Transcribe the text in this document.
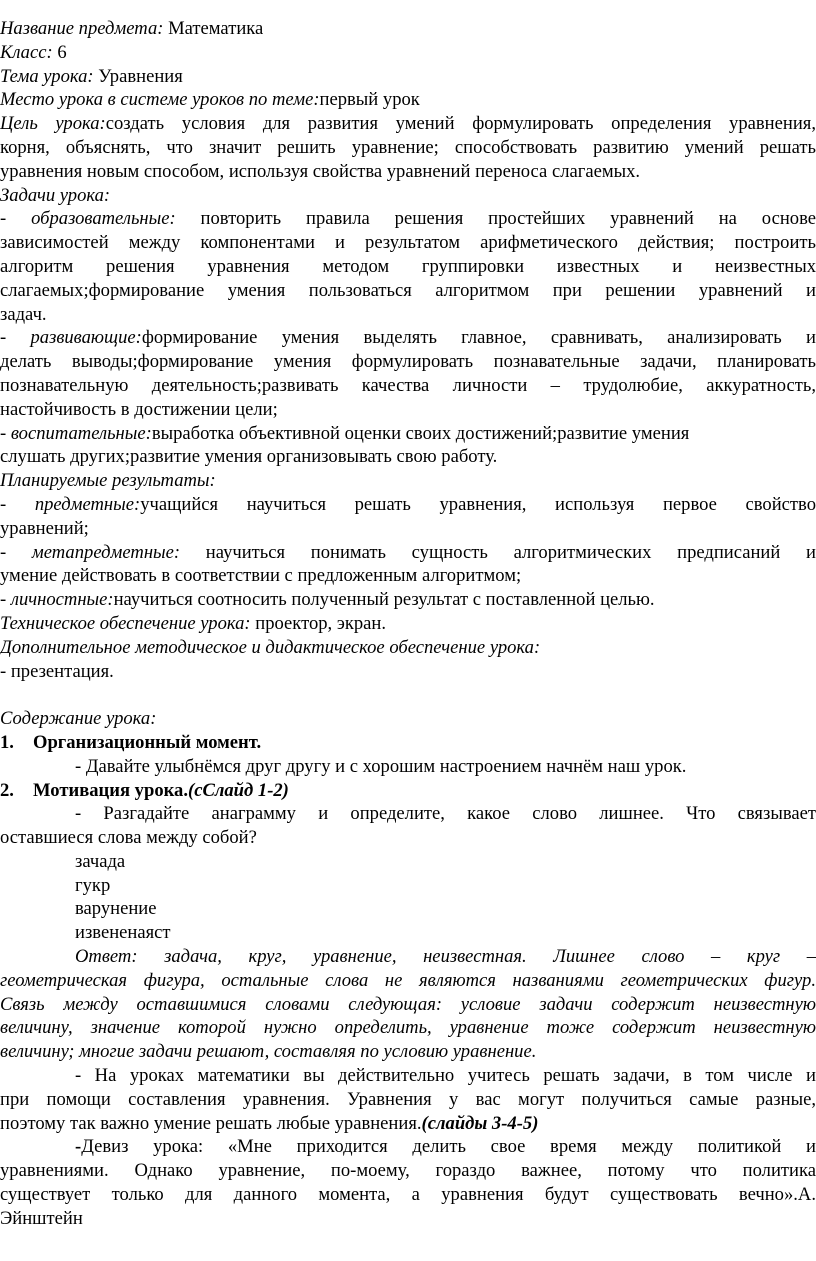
Название предмета: Математика
Класс: 6
Тема урока: Уравнения
Место урока в системе уроков по теме:первый урок
Цель урока:создать условия для развития умений формулировать определения уравнения,
корня, объяснять, что значит решить уравнение; способствовать развитию умений решать
уравнения новым способом, используя свойства уравнений переноса слагаемых.
Задачи урока:
- образовательные: повторить правила решения простейших уравнений на основе
зависимостей между компонентами и результатом арифметического действия; построить
алгоритм решения уравнения методом группировки известных и неизвестных
слагаемых;формирование умения пользоваться алгоритмом при решении уравнений и
задач.
- развивающие:формирование умения выделять главное, сравнивать, анализировать и
делать выводы;формирование умения формулировать познавательные задачи, планировать
познавательную деятельность;развивать качества личности – трудолюбие, аккуратность,
настойчивость в достижении цели;
- воспитательные:выработка объективной оценки своих достижений;развитие умения
слушать других;развитие умения организовывать свою работу.
Планируемые результаты:
- предметные:учащийся научиться решать уравнения, используя первое свойство
уравнений;
- метапредметные: научиться понимать сущность алгоритмических предписаний и
умение действовать в соответствии с предложенным алгоритмом;
- личностные:научиться соотносить полученный результат с поставленной целью.
Техническое обеспечение урока: проектор, экран.
Дополнительное методическое и дидактическое обеспечение урока:
- презентация.
Содержание урока:
1. Организационный момент.
- Давайте улыбнёмся друг другу и с хорошим настроением начнём наш урок.
2. Мотивация урока.(cСлайд 1-2)
- Разгадайте анаграмму и определите, какое слово лишнее. Что связывает
оставшиеся слова между собой?
зачада
гукр
варунение
извененаяст
Ответ: задача, круг, уравнение, неизвестная. Лишнее слово – круг –
геометрическая фигура, остальные слова не являются названиями геометрических фигур.
Связь между оставшимися словами следующая: условие задачи содержит неизвестную
величину, значение которой нужно определить, уравнение тоже содержит неизвестную
величину; многие задачи решают, составляя по условию уравнение.
- На уроках математики вы действительно учитесь решать задачи, в том числе и
при помощи составления уравнения. Уравнения у вас могут получиться самые разные,
поэтому так важно умение решать любые уравнения.(слайды 3-4-5)
-Девиз урока: «Мне приходится делить свое время между политикой и
уравнениями. Однако уравнение, по-моему, гораздо важнее, потому что политика
существует только для данного момента, а уравнения будут существовать вечно».А.
Эйнштейн
